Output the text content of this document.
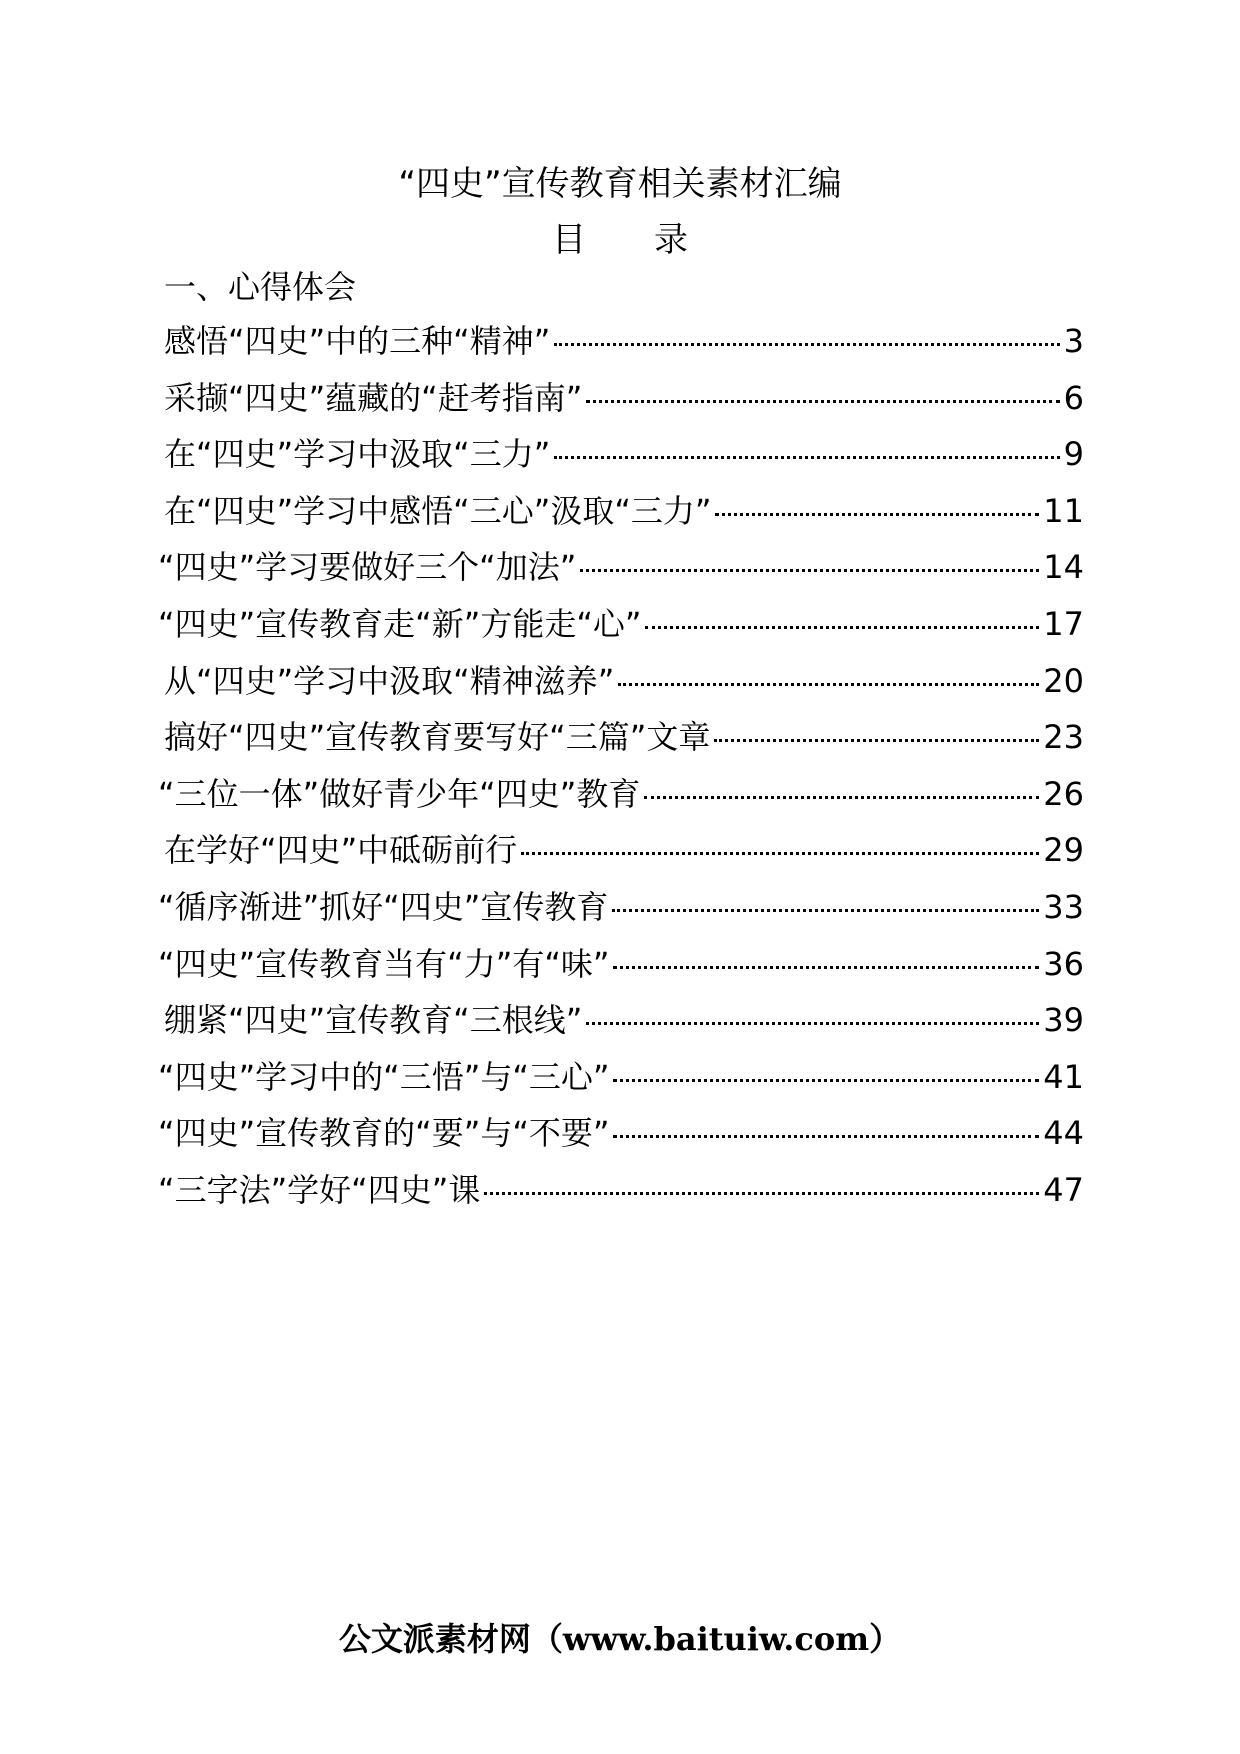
“四史”宣传教育相关素材汇编
目 录
一、心得体会
感悟“四史”中的三种“精神”	3
采撷“四史”蕴藏的“赶考指南”	6
在“四史”学习中汲取“三力”	9
在“四史”学习中感悟“三心”汲取“三力”	11
“四史”学习要做好三个“加法”	14
“四史”宣传教育走“新”方能走“心”	17
从“四史”学习中汲取“精神滋养”	20
搞好“四史”宣传教育要写好“三篇”文章	23
“三位一体”做好青少年“四史”教育	26
在学好“四史”中砥砺前行	29
“循序渐进”抓好“四史”宣传教育	33
“四史”宣传教育当有“力”有“味”	36
绷紧“四史”宣传教育“三根线”	39
“四史”学习中的“三悟”与“三心”	41
“四史”宣传教育的“要”与“不要”	44
“三字法”学好“四史”课	47
公文派素材网（www.baituiw.com）
